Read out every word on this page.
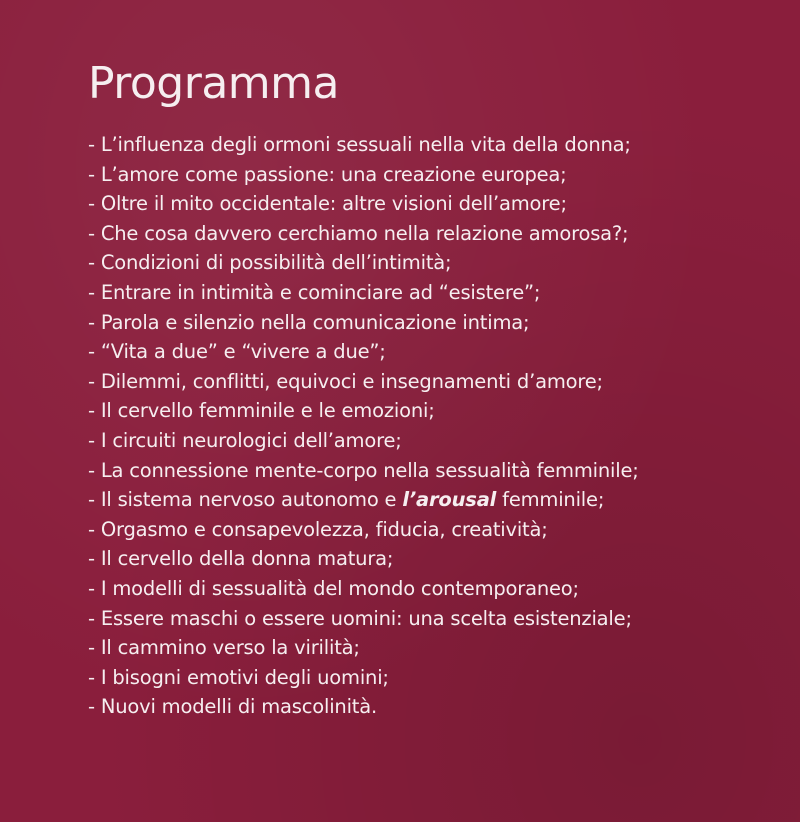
Programma
- L’influenza degli ormoni sessuali nella vita della donna;
- L’amore come passione: una creazione europea;
- Oltre il mito occidentale: altre visioni dell’amore;
- Che cosa davvero cerchiamo nella relazione amorosa?;
- Condizioni di possibilità dell’intimità;
- Entrare in intimità e cominciare ad “esistere”;
- Parola e silenzio nella comunicazione intima;
- “Vita a due” e “vivere a due”;
- Dilemmi, conflitti, equivoci e insegnamenti d’amore;
- Il cervello femminile e le emozioni;
- I circuiti neurologici dell’amore;
- La connessione mente-corpo nella sessualità femminile;
- Il sistema nervoso autonomo e l’arousal femminile;
- Orgasmo e consapevolezza, fiducia, creatività;
- Il cervello della donna matura;
- I modelli di sessualità del mondo contemporaneo;
- Essere maschi o essere uomini: una scelta esistenziale;
- Il cammino verso la virilità;
- I bisogni emotivi degli uomini;
- Nuovi modelli di mascolinità.
